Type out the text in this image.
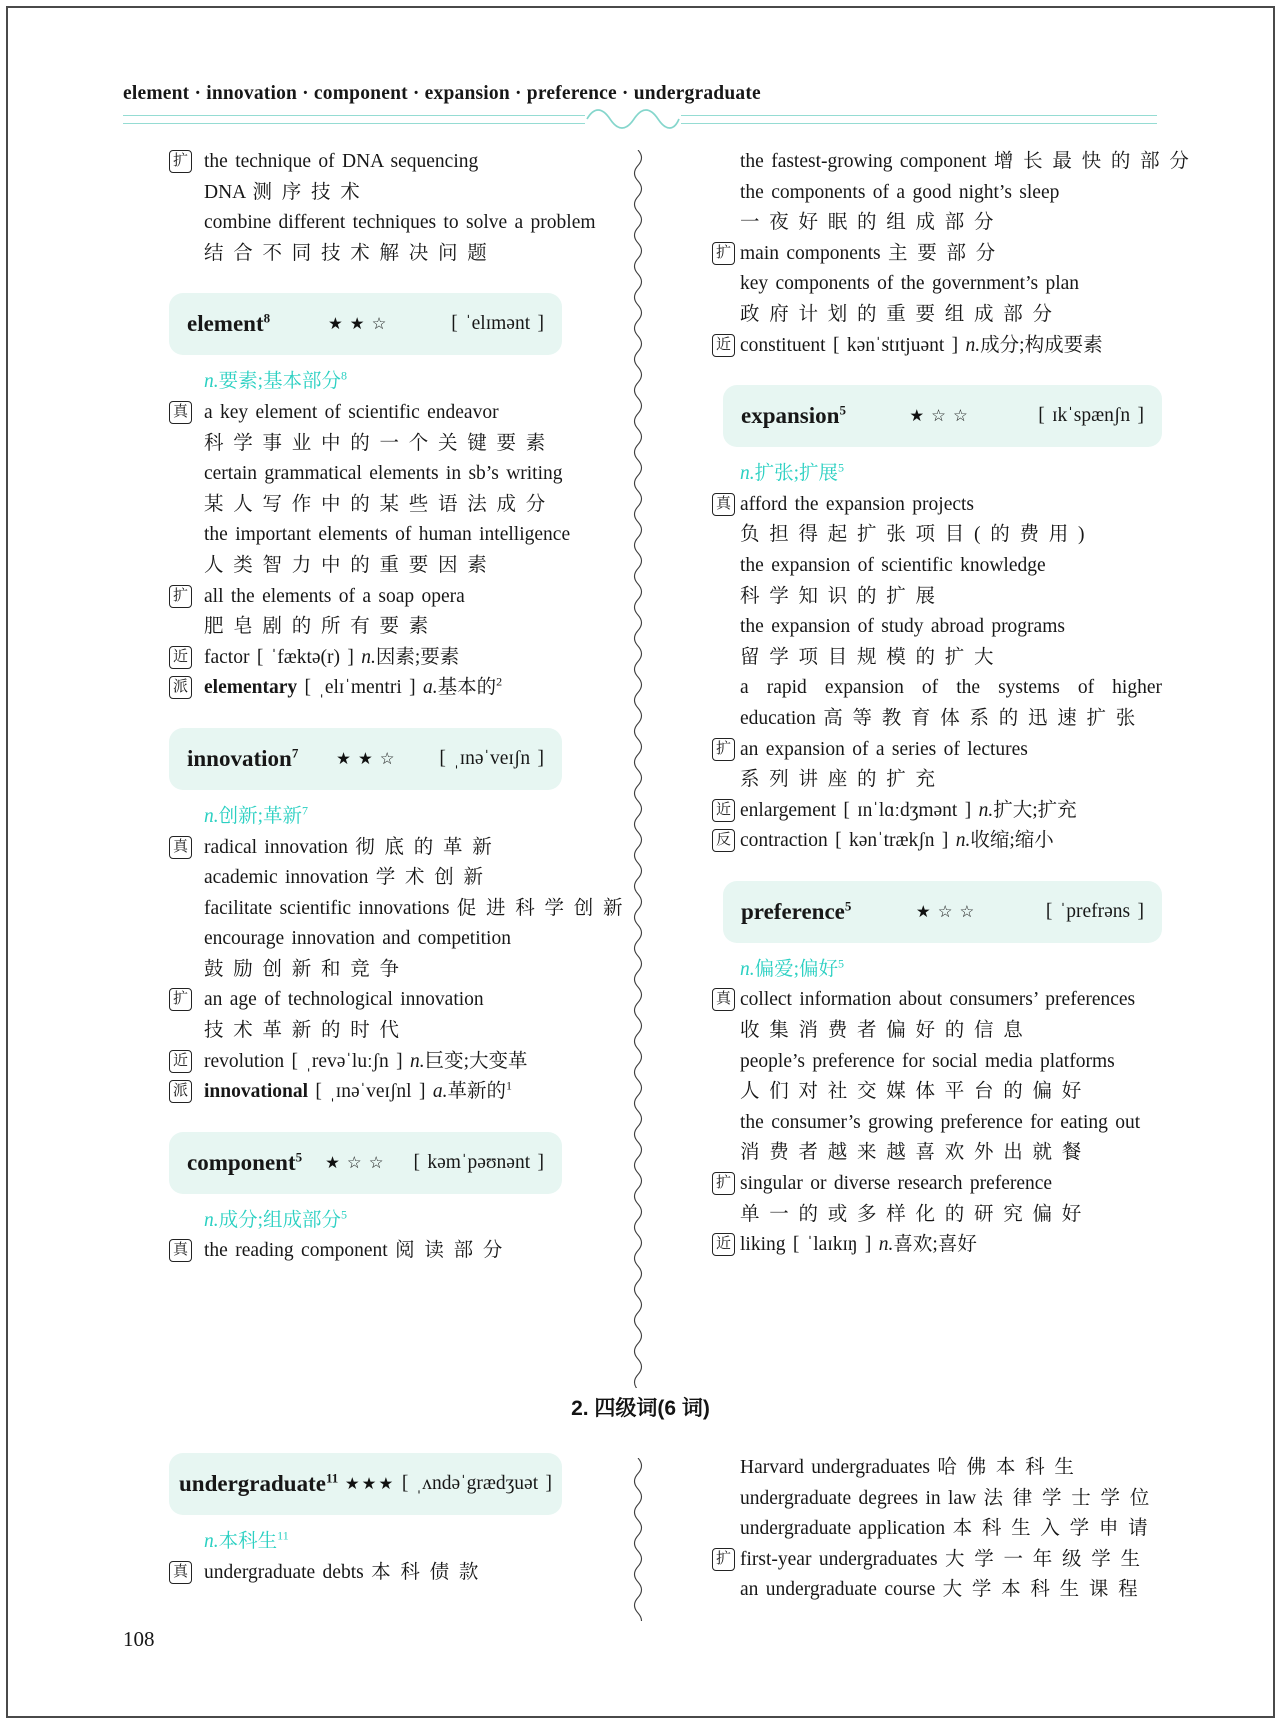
element · innovation · component · expansion · preference · undergraduate
扩 the technique of DNA sequencing
DNA 测序技术
combine different techniques to solve a problem
结合不同技术解决问题
element$^8$	★★☆	[ ˈelɪmənt ]
n.要素;基本部分$^8$
真 a key element of scientific endeavor
科学事业中的一个关键要素
certain grammatical elements in sb’s writing
某人写作中的某些语法成分
the important elements of human intelligence
人类智力中的重要因素
扩 all the elements of a soap opera
肥皂剧的所有要素
近 factor [ ˈfæktə(r) ] n.因素;要素
派 elementary [ ˌelɪˈmentri ] a.基本的$^2$
innovation$^7$ ★★☆ [ ˌɪnəˈveɪʃn ]
n.创新;革新$^7$
真 radical innovation 彻底的革新
academic innovation 学术创新
facilitate scientific innovations 促进科学创新
encourage innovation and competition
鼓励创新和竞争
扩 an age of technological innovation
技术革新的时代
近 revolution [ ˌrevəˈluːʃn ] n.巨变;大变革
派 innovational [ ˌɪnəˈveɪʃnl ] a.革新的$^1$
component$^5$ ★☆☆ [ kəmˈpəʊnənt ]
n.成分;组成部分$^5$
真 the reading component 阅读部分
the fastest-growing component 增长最快的部分
the components of a good night’s sleep
一夜好眠的组成部分
扩 main components 主要部分
key components of the government’s plan
政府计划的重要组成部分
近 constituent [ kənˈstɪtjuənt ] n.成分;构成要素
expansion$^5$	★☆☆	[ ɪkˈspænʃn ]
n.扩张;扩展$^5$
真 afford the expansion projects
负担得起扩张项目(的费用)
the expansion of scientific knowledge
科学知识的扩展
the expansion of study abroad programs
留学项目规模的扩大
a rapid expansion of the systems of higher
education 高等教育体系的迅速扩张
扩 an expansion of a series of lectures
系列讲座的扩充
近 enlargement [ ɪnˈlɑːdʒmənt ] n.扩大;扩充
反 contraction [ kənˈtrækʃn ] n.收缩;缩小
preference$^5$	★☆☆	[ ˈprefrəns ]
n.偏爱;偏好$^5$
真 collect information about consumers’ preferences
收集消费者偏好的信息
people’s preference for social media platforms
人们对社交媒体平台的偏好
the consumer’s growing preference for eating out
消费者越来越喜欢外出就餐
扩 singular or diverse research preference
单一的或多样化的研究偏好
近 liking [ ˈlaɪkɪŋ ] n.喜欢;喜好
2. 四级词(6 词)
undergraduate$^{11}$ ★★★ [ ˌʌndəˈgrædʒuət ]
n.本科生$^{11}$
真 undergraduate debts 本科债款
Harvard undergraduates 哈佛本科生
undergraduate degrees in law 法律学士学位
undergraduate application 本科生入学申请
扩 first-year undergraduates 大学一年级学生
an undergraduate course 大学本科生课程
108
